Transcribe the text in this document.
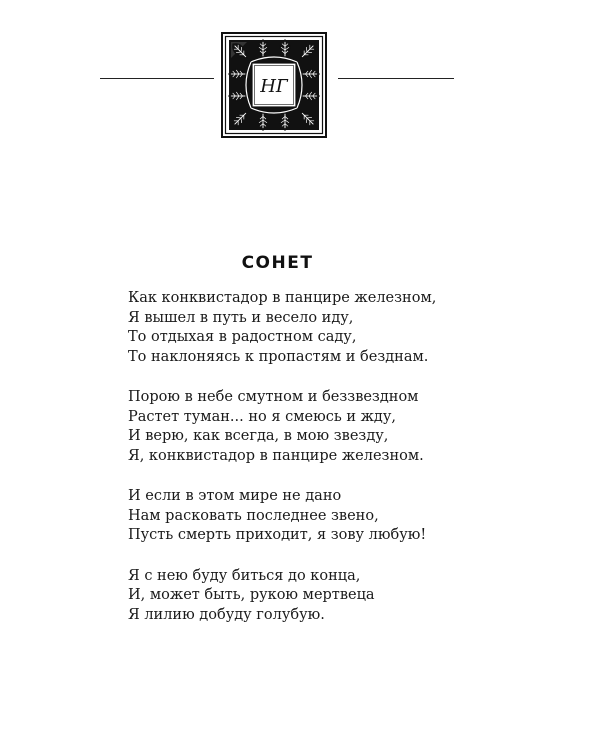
НГ
СОНЕТ
Как конквистадор в панцире железном,
Я вышел в путь и весело иду,
То отдыхая в радостном саду,
То наклоняясь к пропастям и безднам.
Порою в небе смутном и беззвездном
Растет туман... но я смеюсь и жду,
И верю, как всегда, в мою звезду,
Я, конквистадор в панцире железном.
И если в этом мире не дано
Нам расковать последнее звено,
Пусть смерть приходит, я зову любую!
Я с нею буду биться до конца,
И, может быть, рукою мертвеца
Я лилию добуду голубую.
